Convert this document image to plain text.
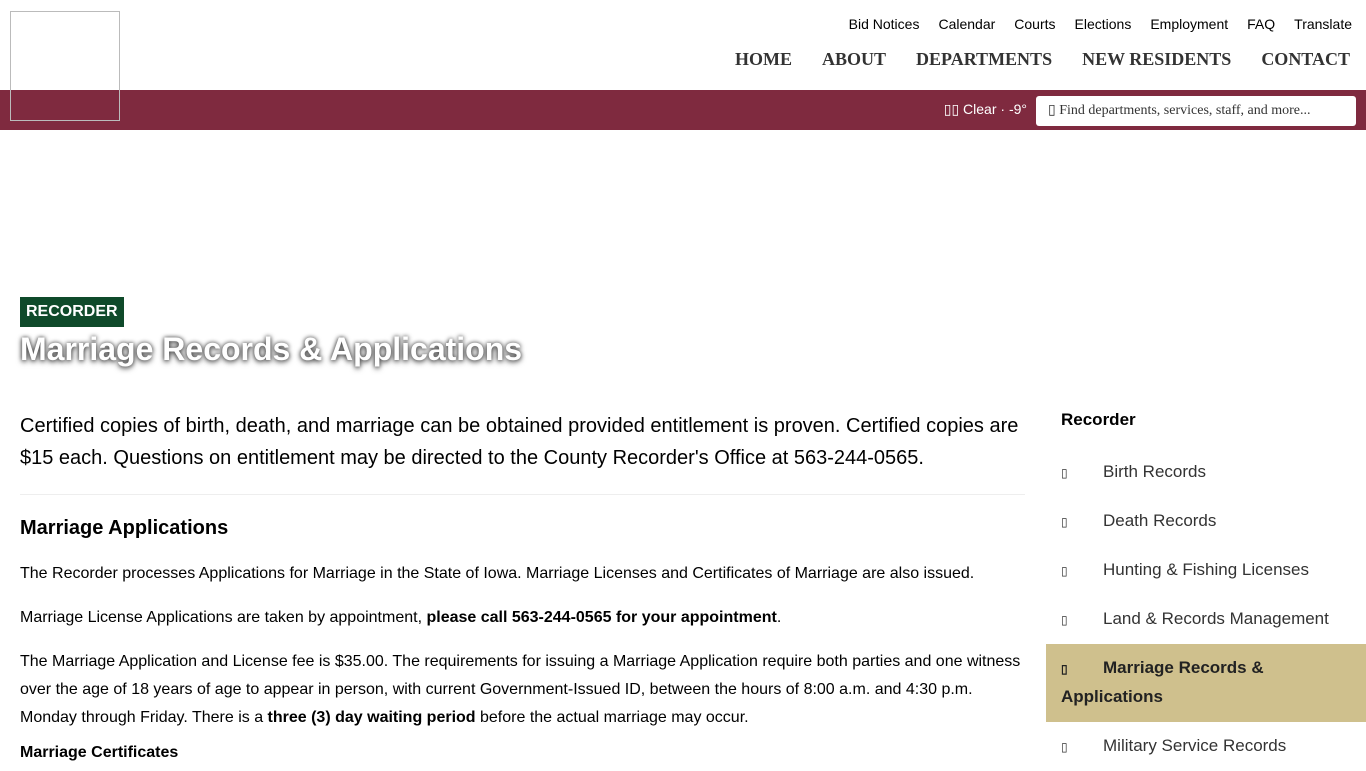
Bid Notices Calendar Courts Elections Employment FAQ Translate
HOME ABOUT DEPARTMENTS NEW RESIDENTS CONTACT
▯▯ Clear · -9°	▯ Find departments, services, staff, and more...
RECORDER
Marriage Records & Applications
Certified copies of birth, death, and marriage can be obtained provided entitlement is proven. Certified copies are $15 each. Questions on entitlement may be directed to the County Recorder's Office at 563-244-0565.
Marriage Applications

The Recorder processes Applications for Marriage in the State of Iowa. Marriage Licenses and Certificates of Marriage are also issued.

Marriage License Applications are taken by appointment, please call 563-244-0565 for your appointment.

The Marriage Application and License fee is $35.00. The requirements for issuing a Marriage Application require both parties and one witness over the age of 18 years of age to appear in person, with current Government-Issued ID, between the hours of 8:00 a.m. and 4:30 p.m. Monday through Friday. There is a three (3) day waiting period before the actual marriage may occur.

Marriage Certificates
Recorder
▯ Birth Records
▯ Death Records
▯ Hunting & Fishing Licenses
▯ Land & Records Management
▯ Marriage Records & Applications
▯ Military Service Records
